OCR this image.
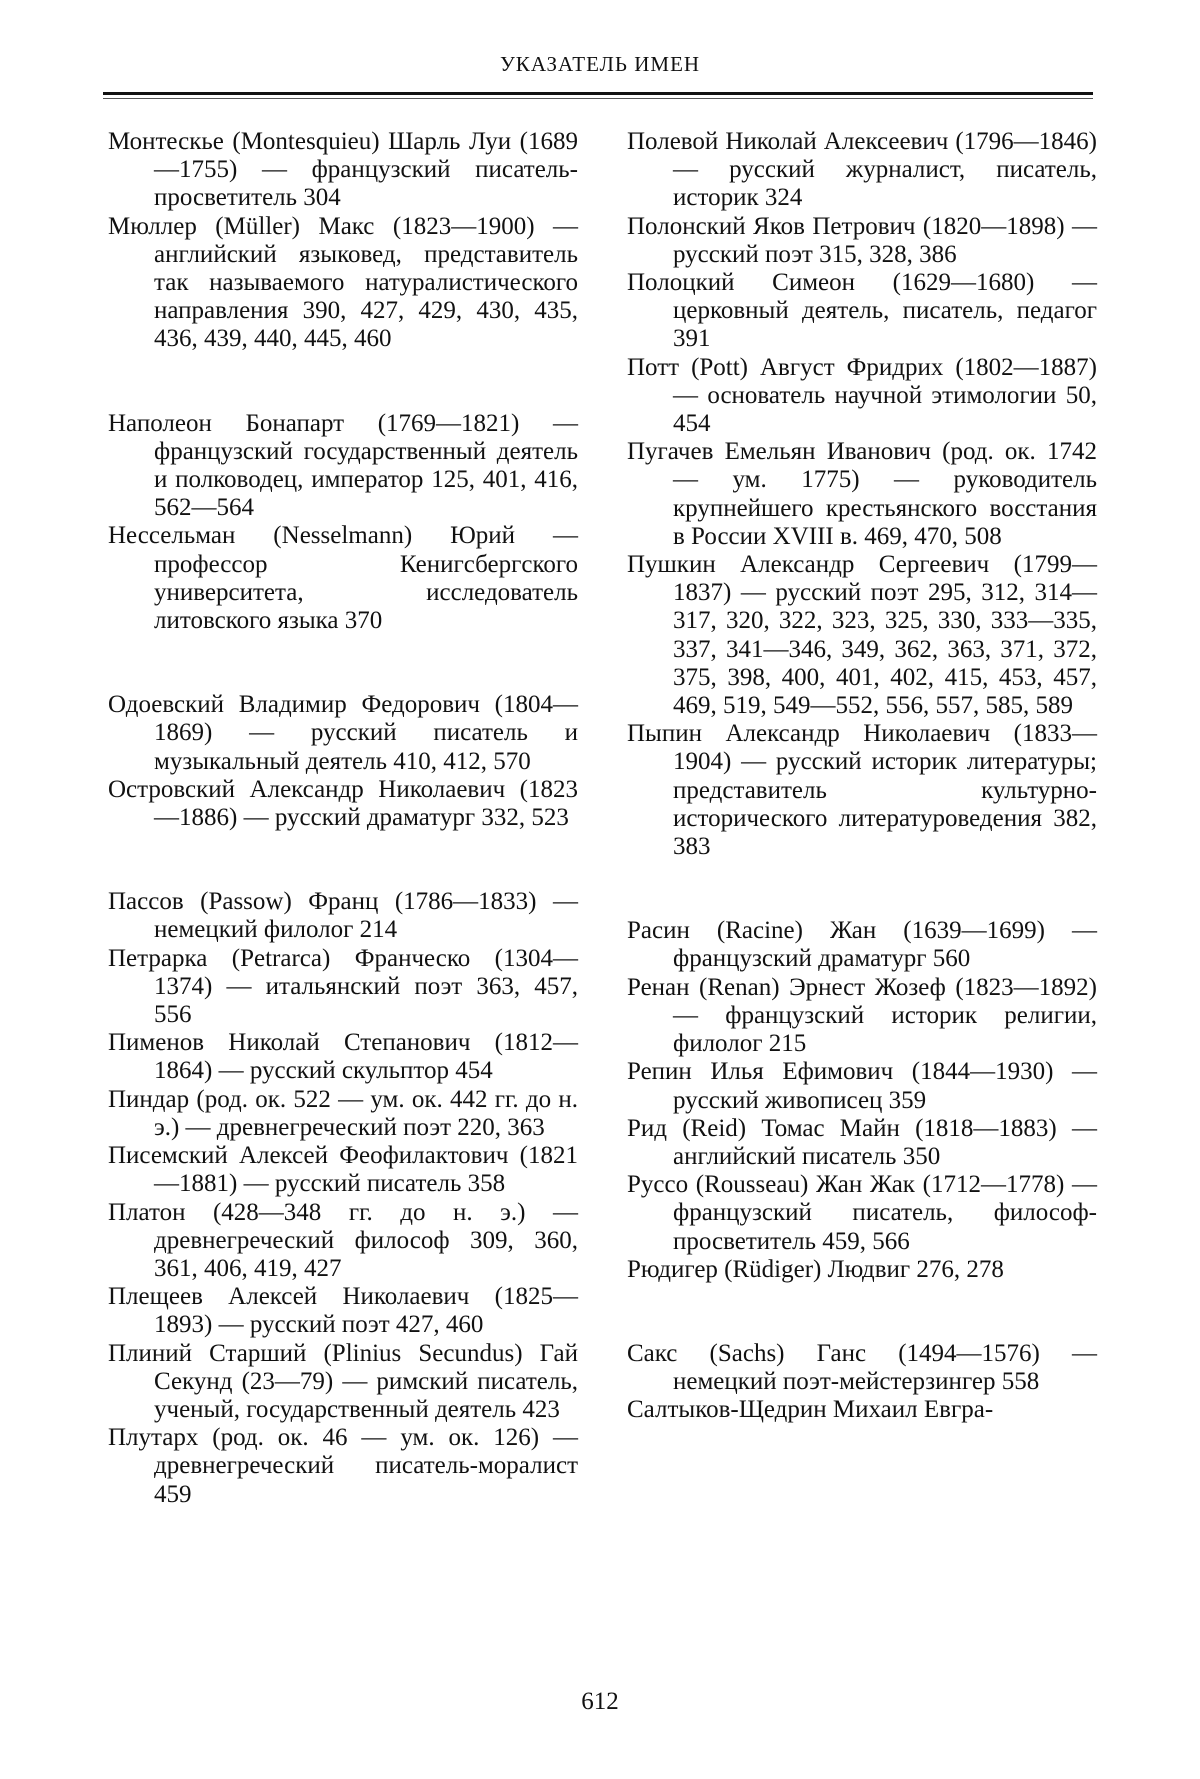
УКАЗАТЕЛЬ ИМЕН

Монтескье (Montesquieu) Шарль Луи (1689—1755) — французский писатель-просветитель 304

Мюллер (Müller) Макс (1823—1900) — английский языковед, представитель так называемого натуралистического направления 390, 427, 429, 430, 435, 436, 439, 440, 445, 460

Наполеон Бонапарт (1769—1821) — французский государственный деятель и полководец, император 125, 401, 416, 562—564

Нессельман (Nesselmann) Юрий — профессор Кенигсбергского университета, исследователь литовского языка 370

Одоевский Владимир Федорович (1804—1869) — русский писатель и музыкальный деятель 410, 412, 570

Островский Александр Николаевич (1823—1886) — русский драматург 332, 523

Пассов (Passow) Франц (1786—1833) — немецкий филолог 214

Петрарка (Petrarca) Франческо (1304—1374) — итальянский поэт 363, 457, 556

Пименов Николай Степанович (1812—1864) — русский скульптор 454

Пиндар (род. ок. 522 — ум. ок. 442 гг. до н. э.) — древнегреческий поэт 220, 363

Писемский Алексей Феофилактович (1821—1881) — русский писатель 358

Платон (428—348 гг. до н. э.) — древнегреческий философ 309, 360, 361, 406, 419, 427

Плещеев Алексей Николаевич (1825—1893) — русский поэт 427, 460

Плиний Старший (Plinius Secundus) Гай Секунд (23—79) — римский писатель, ученый, государственный деятель 423

Плутарх (род. ок. 46 — ум. ок. 126) — древнегреческий писатель-моралист 459

Полевой Николай Алексеевич (1796—1846) — русский журналист, писатель, историк 324

Полонский Яков Петрович (1820—1898) — русский поэт 315, 328, 386

Полоцкий Симеон (1629—1680) — церковный деятель, писатель, педагог 391

Потт (Pott) Август Фридрих (1802—1887) — основатель научной этимологии 50, 454

Пугачев Емельян Иванович (род. ок. 1742 — ум. 1775) — руководитель крупнейшего крестьянского восстания в России XVIII в. 469, 470, 508

Пушкин Александр Сергеевич (1799—1837) — русский поэт 295, 312, 314—317, 320, 322, 323, 325, 330, 333—335, 337, 341—346, 349, 362, 363, 371, 372, 375, 398, 400, 401, 402, 415, 453, 457, 469, 519, 549—552, 556, 557, 585, 589

Пыпин Александр Николаевич (1833—1904) — русский историк литературы; представитель культурно-исторического литературоведения 382, 383

Расин (Racine) Жан (1639—1699) — французский драматург 560

Ренан (Renan) Эрнест Жозеф (1823—1892) — французский историк религии, филолог 215

Репин Илья Ефимович (1844—1930) — русский живописец 359

Рид (Reid) Томас Майн (1818—1883) — английский писатель 350

Руссо (Rousseau) Жан Жак (1712—1778) — французский писатель, философ-просветитель 459, 566

Рюдигер (Rüdiger) Людвиг 276, 278

Сакс (Sachs) Ганс (1494—1576) — немецкий поэт-мейстерзингер 558

Салтыков-Щедрин Михаил Евгра-

612
